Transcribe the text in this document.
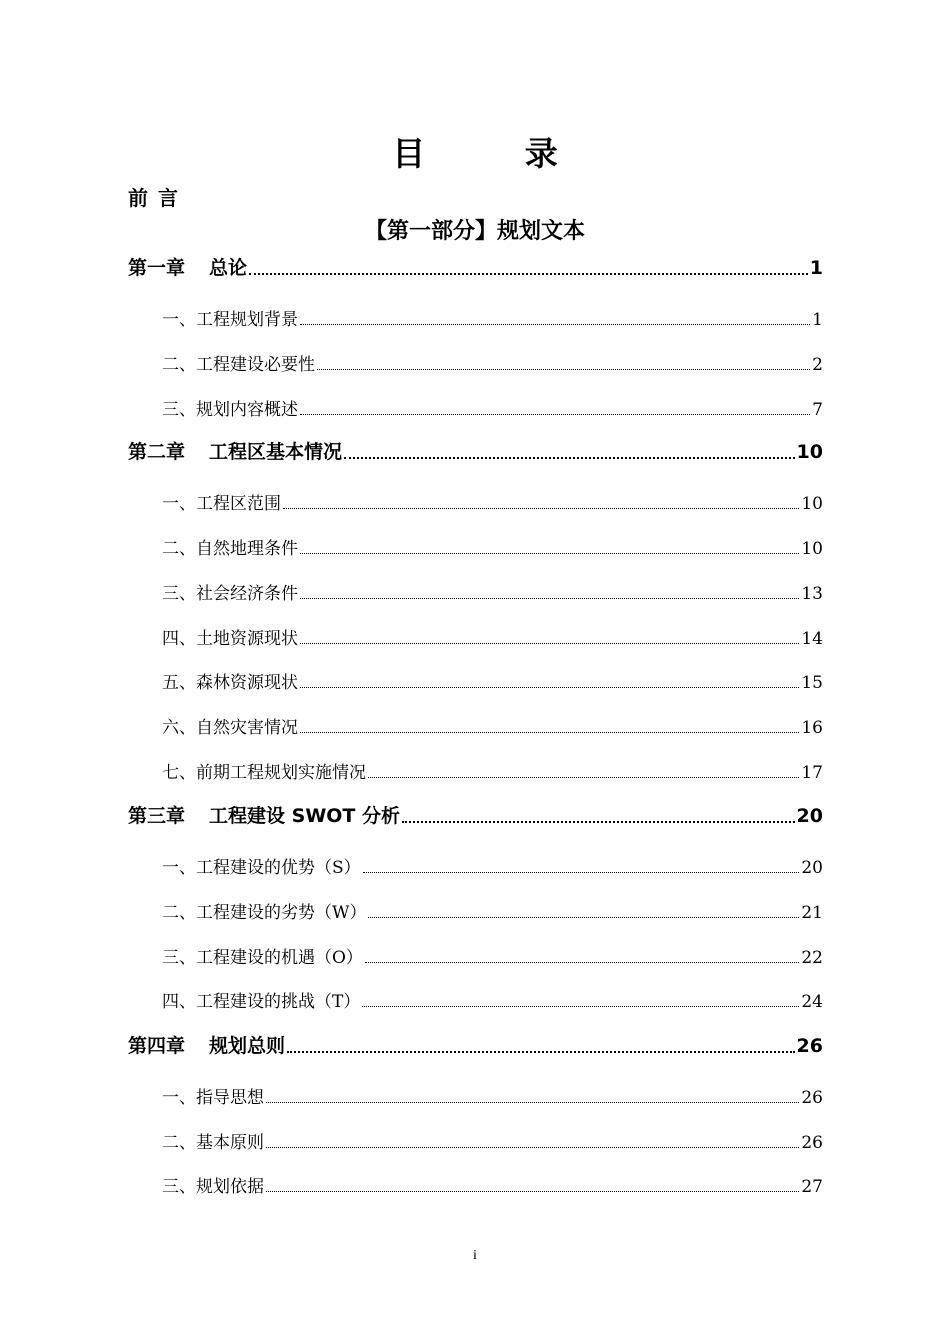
目 录
前言
【第一部分】规划文本
第一章 总论	1
一、工程规划背景	1
二、工程建设必要性	2
三、规划内容概述	7
第二章 工程区基本情况	10
一、工程区范围	10
二、自然地理条件	10
三、社会经济条件	13
四、土地资源现状	14
五、森林资源现状	15
六、自然灾害情况	16
七、前期工程规划实施情况	17
第三章 工程建设 SWOT 分析	20
一、工程建设的优势（S）	20
二、工程建设的劣势（W）	21
三、工程建设的机遇（O）	22
四、工程建设的挑战（T）	24
第四章 规划总则	26
一、指导思想	26
二、基本原则	26
三、规划依据	27
i
